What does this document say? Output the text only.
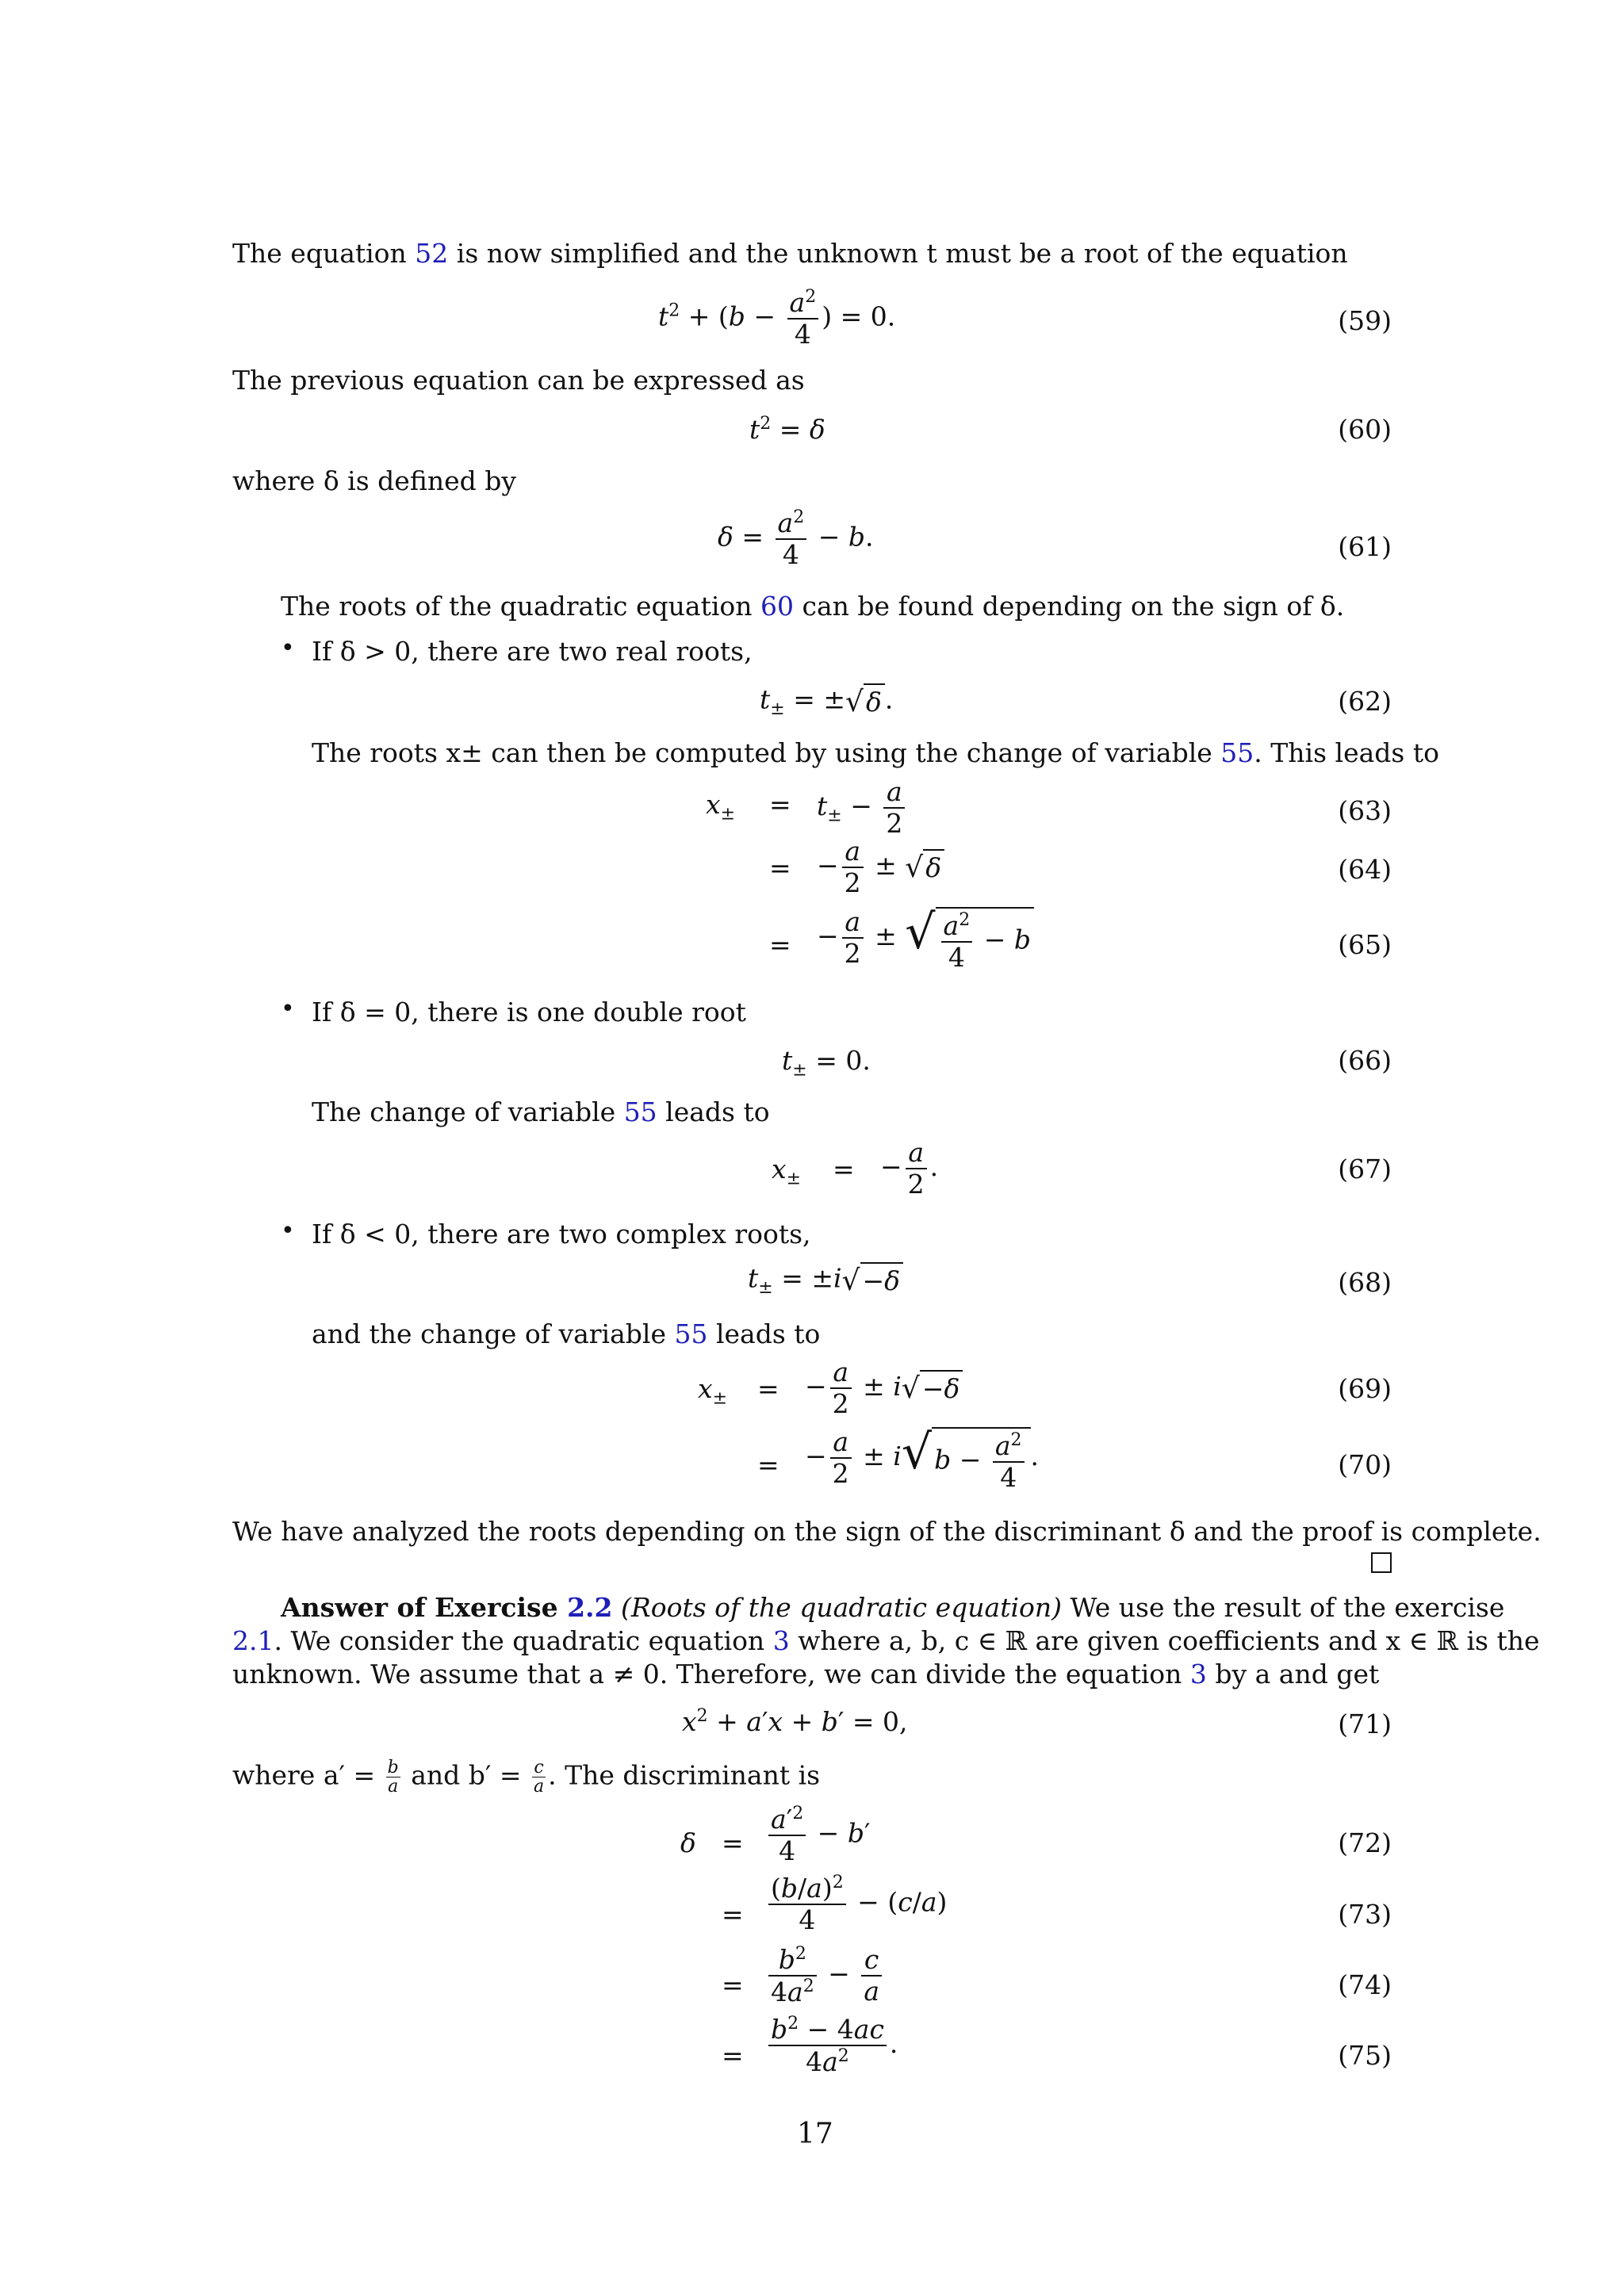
The equation 52 is now simplified and the unknown t must be a root of the equation
$t^2 + (b - \frac{a^2}{4}$ ) = 0.	(59)
The previous equation can be expressed as
$t^2 = \delta$	(60)
where δ is defined by
$\delta = \frac{a^2}{4} - b$.	(61)
The roots of the quadratic equation 60 can be found depending on the sign of δ.
• If δ > 0, there are two real roots,
$t_\pm = \pm√\delta$ .	(62)
The roots x± can then be computed by using the change of variable 55. This leads to
$x_\pm = t_\pm - \frac{a}{2}$	(63)
= − $\frac{a}{2} \pm √\delta$	(64)
= − $\frac{a}{2}$ ± √ $\frac{a^2}{4} - b$	(65)
• If δ = 0, there is one double root
$t_\pm = 0$.	(66)
The change of variable 55 leads to
$x_\pm$ = − $\frac{a}{2}$ .	(67)
• If δ < 0, there are two complex roots,
$t_\pm = \pm i√-\delta$	(68)
and the change of variable 55 leads to
$x_\pm$ = − $\frac{a}{2} \pm i√-\delta$	(69)
= − $\frac{a}{2} \pm i√b - \frac{a^2}{4}$ .	(70)
We have analyzed the roots depending on the sign of the discriminant δ and the proof is complete.
Answer of Exercise 2.2 (Roots of the quadratic equation) We use the result of the exercise
2.1. We consider the quadratic equation 3 where a, b, c ∈ ℝ are given coefficients and x ∈ ℝ is the
unknown. We assume that a ≠ 0. Therefore, we can divide the equation 3 by a and get
$x^2 + a'x + b' = 0$,	(71)
where $a' = \frac{b}{a}$ and $b' = \frac{c}{a}$ . The discriminant is
$\delta = \frac{a'^2}{4} - b'$	(72)
= $\frac{(b/a)^2}{4} - (c/a)$	(73)
= $\frac{b^2}{4a^2} - \frac{c}{a}$	(74)
= $\frac{b^2 - 4ac}{4a^2}$ .	(75)
17
